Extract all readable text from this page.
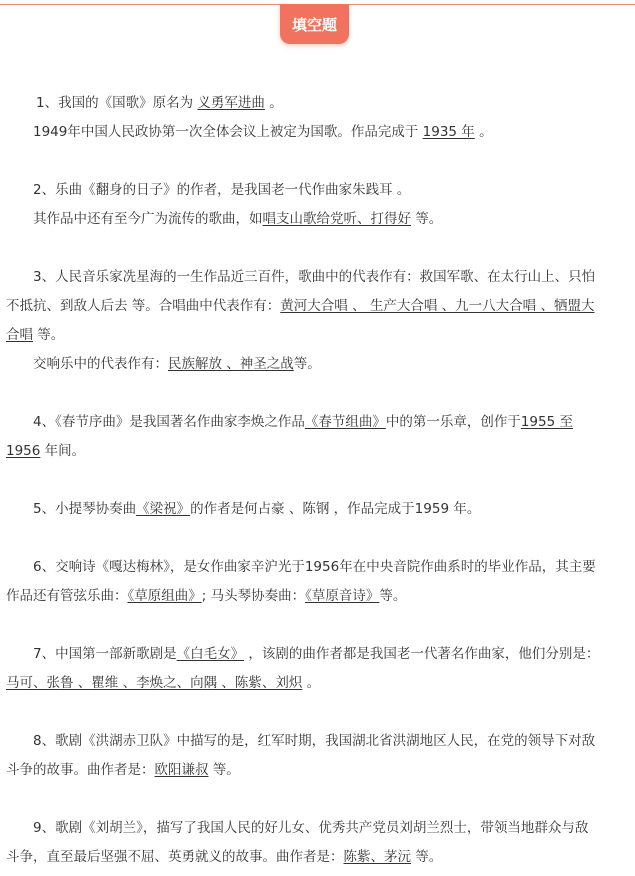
填空题
1、我国的《国歌》原名为 义勇军进曲 。
1949年中国人民政协第一次全体会议上被定为国歌。作品完成于 1935 年 。
2、乐曲《翻身的日子》的作者，是我国老一代作曲家朱践耳 。
其作品中还有至今广为流传的歌曲，如唱支山歌给党听、打得好 等。
3、人民音乐家冼星海的一生作品近三百件，歌曲中的代表作有：救国军歌、在太行山上、只怕
不抵抗、到敌人后去 等。合唱曲中代表作有：黄河大合唱 、 生产大合唱 、九一八大合唱 、牺盟大
合唱 等。
交响乐中的代表作有：民族解放 、神圣之战等。
4、《春节序曲》是我国著名作曲家李焕之作品《春节组曲》中的第一乐章，创作于1955 至
1956 年间。
5、小提琴协奏曲《梁祝》的作者是何占豪 、陈钢 ，作品完成于1959 年。
6、交响诗《嘎达梅林》，是女作曲家辛沪光于1956年在中央音院作曲系时的毕业作品，其主要
作品还有管弦乐曲：《草原组曲》; 马头琴协奏曲：《草原音诗》等。
7、中国第一部新歌剧是《白毛女》 ，该剧的曲作者都是我国老一代著名作曲家，他们分别是：
马可、张鲁 、瞿维 、李焕之、向隅 、陈紫、刘炽 。
8、歌剧《洪湖赤卫队》中描写的是，红军时期，我国湖北省洪湖地区人民，在党的领导下对敌
斗争的故事。曲作者是：欧阳谦叔 等。
9、歌剧《刘胡兰》，描写了我国人民的好儿女、优秀共产党员刘胡兰烈士，带领当地群众与敌
斗争，直至最后坚强不屈、英勇就义的故事。曲作者是：陈紫、茅沅 等。
